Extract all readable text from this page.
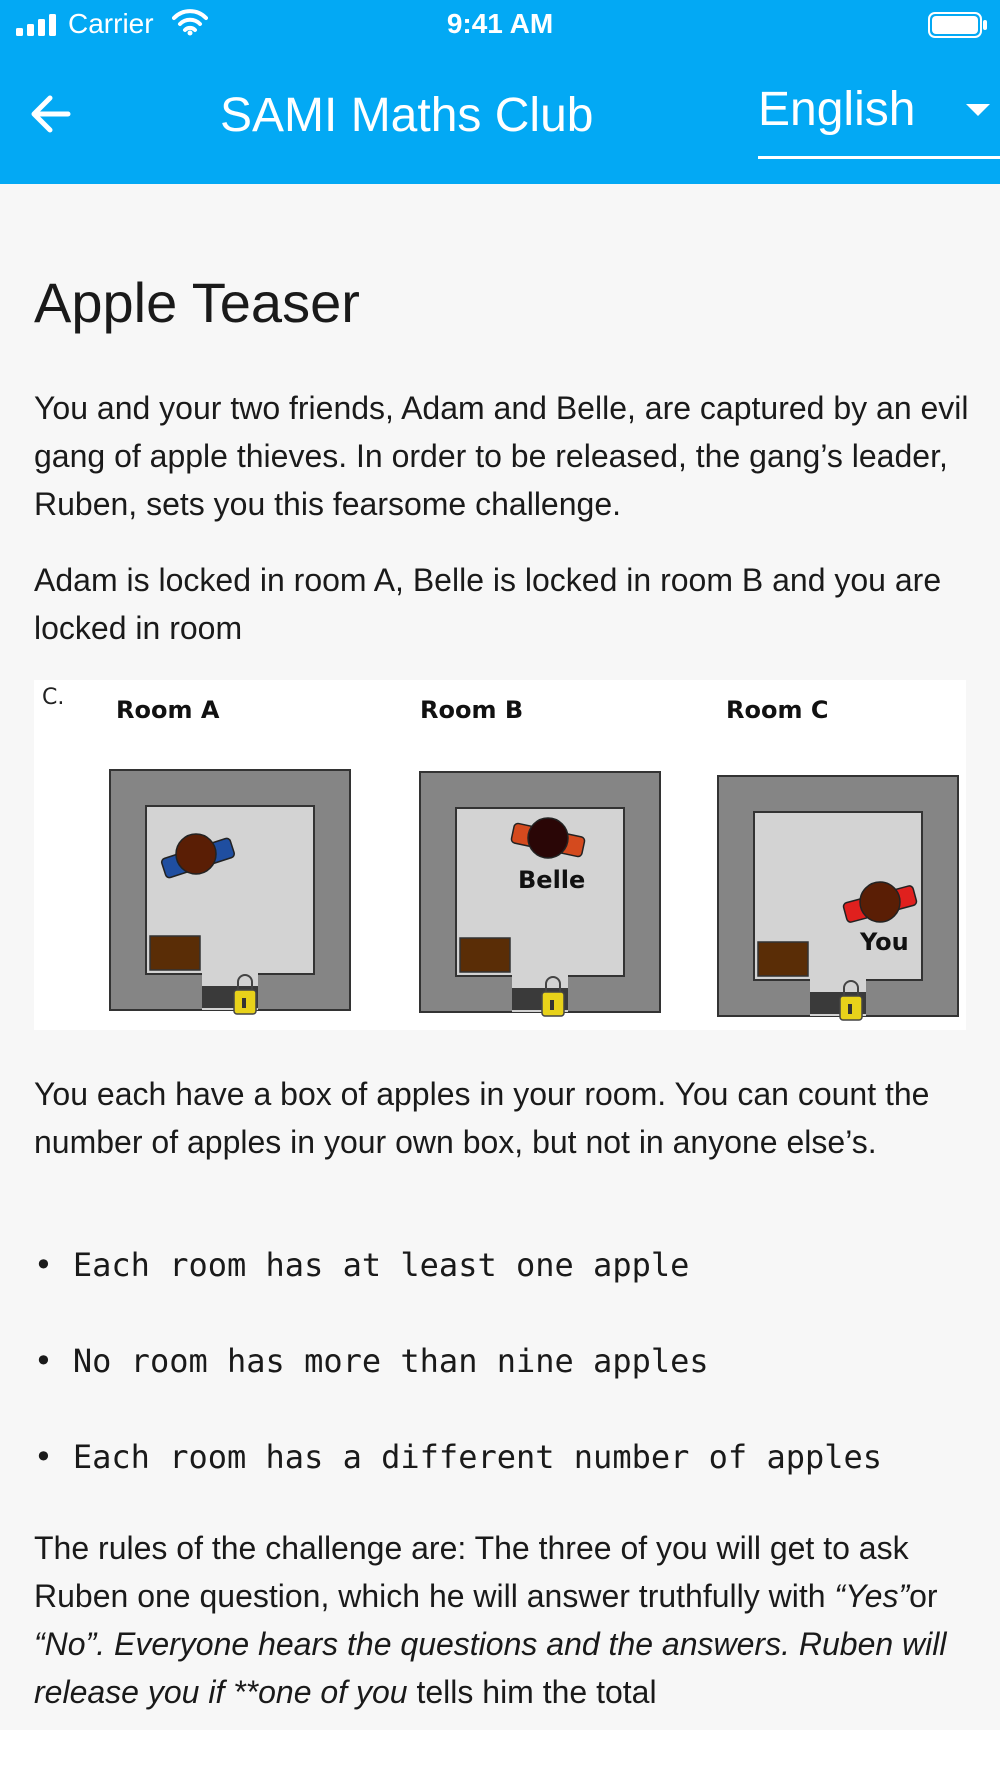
Carrier	9:41 AM
SAMI Maths Club	English
Apple Teaser
You and your two friends, Adam and Belle, are captured by an evil gang of apple thieves. In order to be released, the gang’s leader, Ruben, sets you this fearsome challenge.
Adam is locked in room A, Belle is locked in room B and you are locked in room
C. Room A	Room B	Room C
Belle
You
You each have a box of apples in your room. You can count the number of apples in your own box, but not in anyone else’s.
• Each room has at least one apple
• No room has more than nine apples
• Each room has a different number of apples
The rules of the challenge are: The three of you will get to ask Ruben one question, which he will answer truthfully with “Yes”or “No”. Everyone hears the questions and the answers. Ruben will release you if **one of you tells him the total
